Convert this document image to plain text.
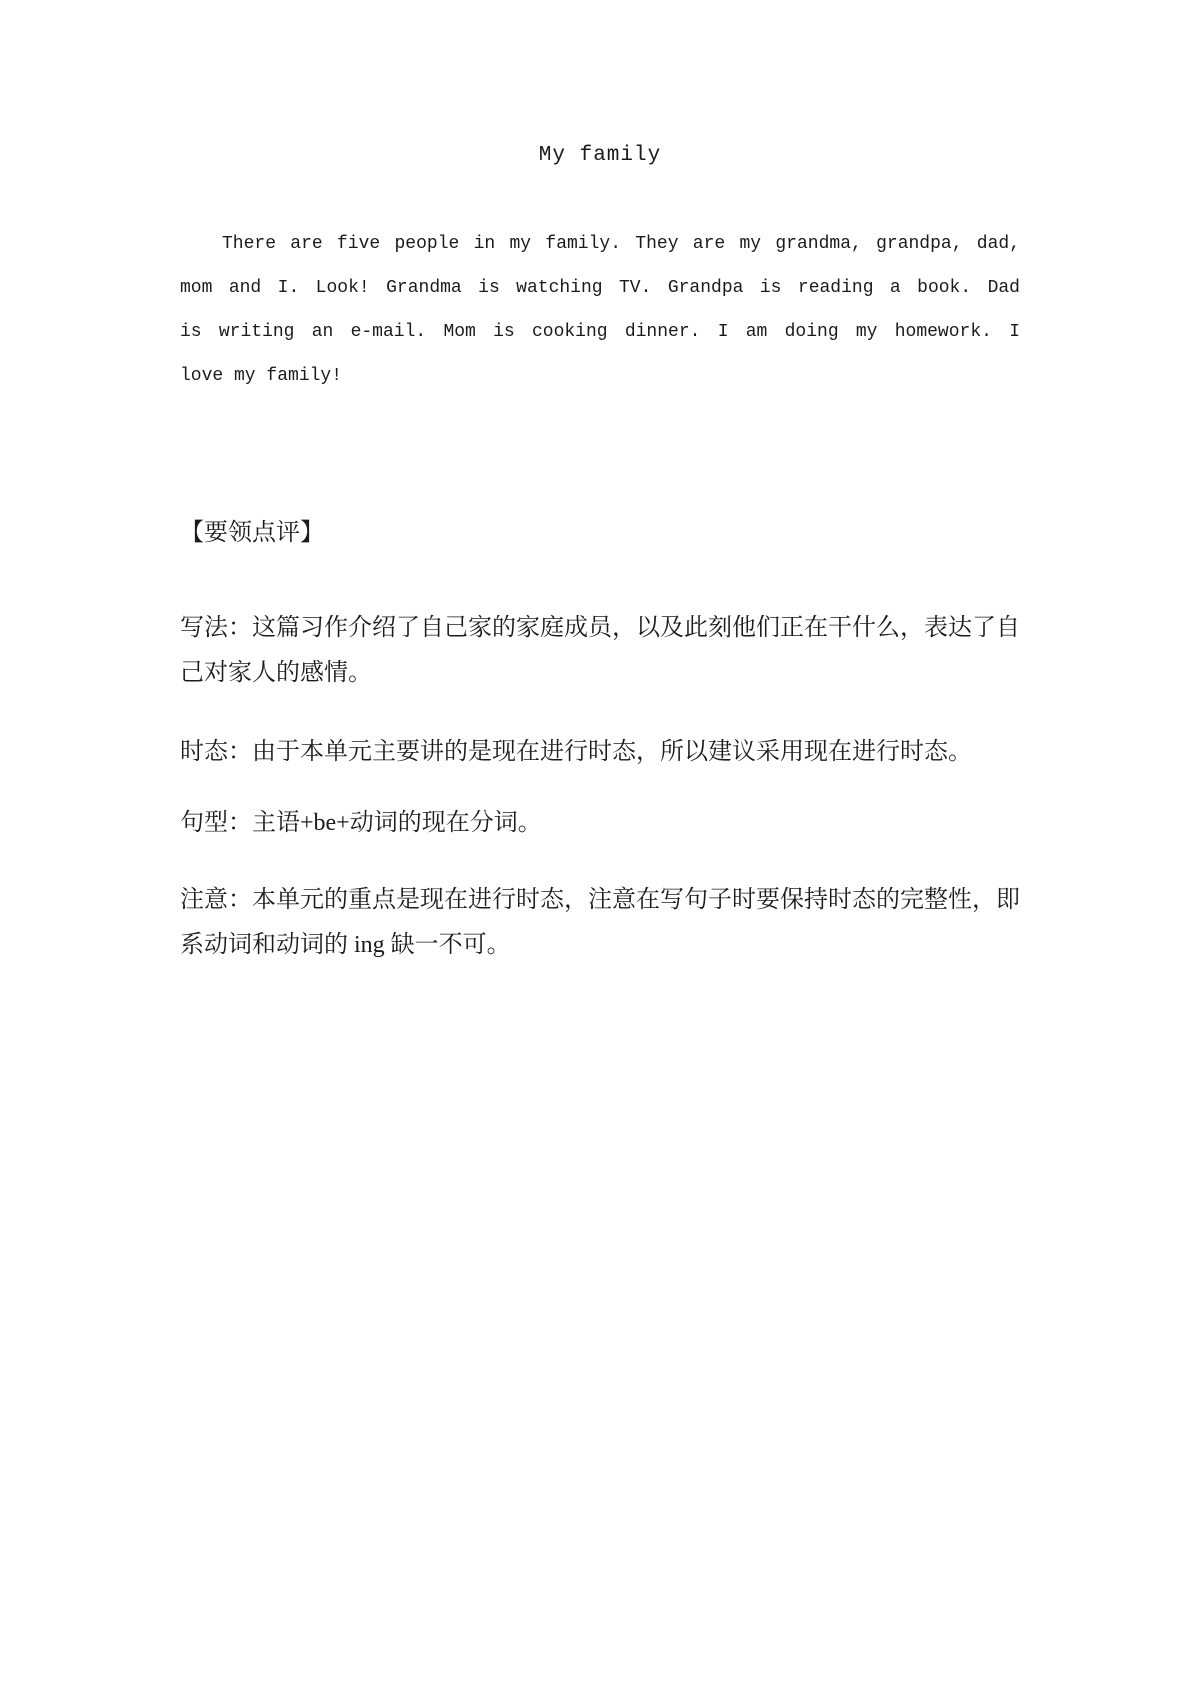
My family
There are five people in my family. They are my grandma, grandpa, dad,
mom and I. Look! Grandma is watching TV. Grandpa is reading a book. Dad
is writing an e-mail. Mom is cooking dinner. I am doing my homework. I
love my family!
【要领点评】

写法：这篇习作介绍了自己家的家庭成员，以及此刻他们正在干什么，表达了自己对家人的感情。

时态：由于本单元主要讲的是现在进行时态，所以建议采用现在进行时态。

句型：主语+be+动词的现在分词。

注意：本单元的重点是现在进行时态，注意在写句子时要保持时态的完整性，即系动词和动词的 ing 缺一不可。
